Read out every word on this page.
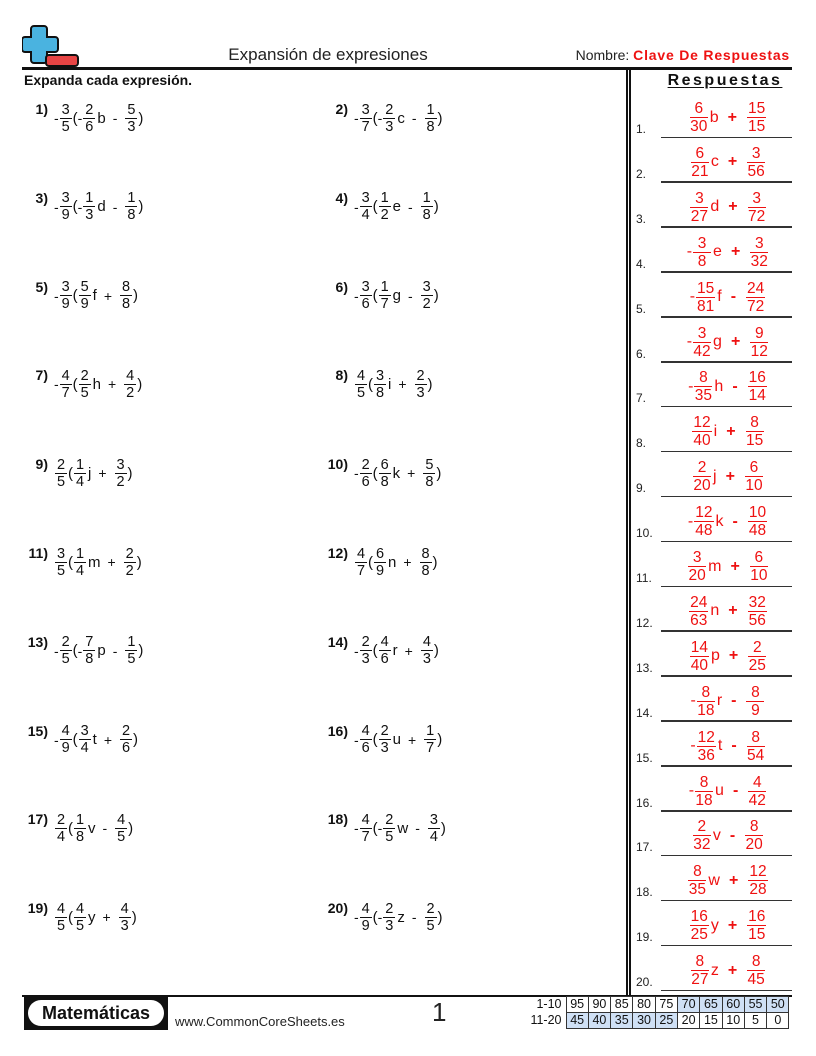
Expansión de expresiones	Nombre: Clave De Respuestas
Expanda cada expresión.
1)
- $\frac{3}{5}$ ( - $\frac{2}{6}$ b - $\frac{5}{3}$ )
2)
- $\frac{3}{7}$ ( - $\frac{2}{3}$ c - $\frac{1}{8}$ )
3)
- $\frac{3}{9}$ ( - $\frac{1}{3}$ d - $\frac{1}{8}$ )
4)
- $\frac{3}{4}$ ( $\frac{1}{2}$ e - $\frac{1}{8}$ )
5)
- $\frac{3}{9}$ ( $\frac{5}{9}$ $f + \frac{8}{8}$ )
6)
- $\frac{3}{6}$ ( $\frac{1}{7}$ g - $\frac{3}{2}$ )
7)
- $\frac{4}{7}$ ( $\frac{2}{5}$ $h + \frac{4}{2}$ )
$8) \frac{4}{5}$ ( $\frac{3}{8}$ $i + \frac{2}{3}$ )
$9) \frac{2}{5}$ ( $\frac{1}{4}$ $j + \frac{3}{2}$ )
10)
- $\frac{2}{6}$ ( $\frac{6}{8}$ $k + \frac{5}{8}$ )
$11) \frac{3}{5}$ ( $\frac{1}{4}$ $m + \frac{2}{2}$ )
$12) \frac{4}{7}$ ( $\frac{6}{9}$ $n + \frac{8}{8}$ )
13)
- $\frac{2}{5}$ ( - $\frac{7}{8}$ p - $\frac{1}{5}$ )
14)
- $\frac{2}{3}$ ( $\frac{4}{6}$ $r + \frac{4}{3}$ )
15)
- $\frac{4}{9}$ ( $\frac{3}{4}$ $t + \frac{2}{6}$ )
16)
- $\frac{4}{6}$ ( $\frac{2}{3}$ $u + \frac{1}{7}$ )
$17) \frac{2}{4}$ ( $\frac{1}{8}$ v - $\frac{4}{5}$ )
18)
- $\frac{4}{7}$ ( - $\frac{2}{5}$ w - $\frac{3}{4}$ )
$19) \frac{4}{5}$ ( $\frac{4}{5}$ $y + \frac{4}{3}$ )
20)
- $\frac{4}{9}$ ( - $\frac{2}{3}$ z - $\frac{2}{5}$ )
Respuestas
1.	$\frac{6}{30}$ $b + \frac{15}{15}$
2.	$\frac{6}{21}$ $c + \frac{3}{56}$
3.	$\frac{3}{27}$ $d + \frac{3}{72}$
4.
- $\frac{3}{8}$ $e + \frac{3}{32}$
5.
- $\frac{15}{81}$ f - $\frac{24}{72}$
6.
- $\frac{3}{42}$ $g + \frac{9}{12}$
7.
- $\frac{8}{35}$ h - $\frac{16}{14}$
8.	$\frac{12}{40}$ $i + \frac{8}{15}$
9.	$\frac{2}{20}$ $j + \frac{6}{10}$
10.
- $\frac{12}{48}$ k - $\frac{10}{48}$
11. $\frac{3}{20}$ $m + \frac{6}{10}$
12. $\frac{24}{63}$ $n + \frac{32}{56}$
13. $\frac{14}{40}$ $p + \frac{2}{25}$
14.
- $\frac{8}{18}$ r - $\frac{8}{9}$
15.
- $\frac{12}{36}$ t - $\frac{8}{54}$
16.
- $\frac{8}{18}$ u - $\frac{4}{42}$
17.	$\frac{2}{32}$ v - $\frac{8}{20}$
18. $\frac{8}{35}$ $w + \frac{12}{28}$
19. $\frac{16}{25}$ $y + \frac{16}{15}$
20. $\frac{8}{27}$ $z + \frac{8}{45}$
Matemáticas	www.CommonCoreSheets.es	1	1-10	95	90	85	80	75	70	65	60	55	50
11-20	45	40	35	30	25	20	15	10	5	0
